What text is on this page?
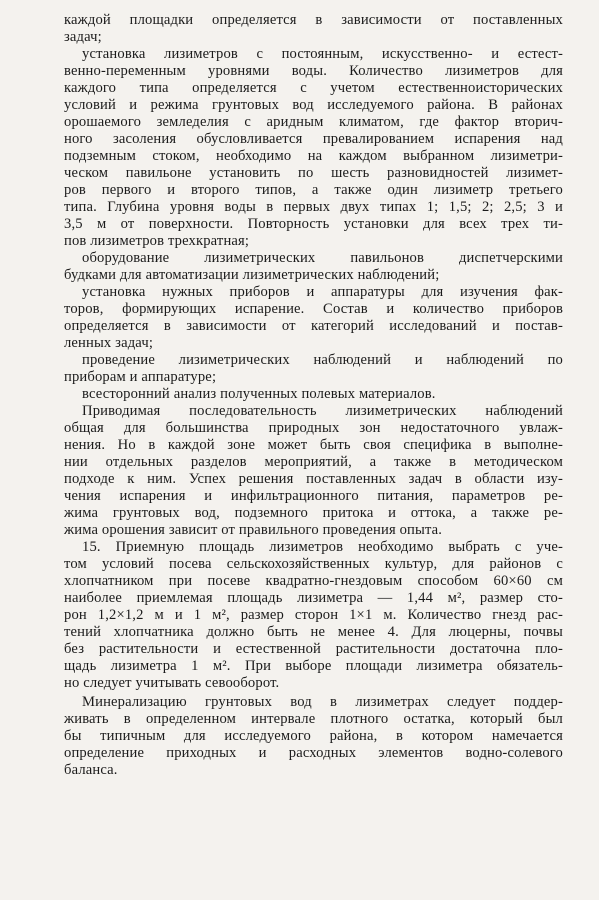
каждой площадки определяется в зависимости от поставленных
задач;
установка лизиметров с постоянным, искусственно- и естест-
венно-переменным уровнями воды. Количество лизиметров для
каждого типа определяется с учетом естественноисторических
условий и режима грунтовых вод исследуемого района. В районах
орошаемого земледелия с аридным климатом, где фактор вторич-
ного засоления обусловливается превалированием испарения над
подземным стоком, необходимо на каждом выбранном лизиметри-
ческом павильоне установить по шесть разновидностей лизимет-
ров первого и второго типов, а также один лизиметр третьего
типа. Глубина уровня воды в первых двух типах 1; 1,5; 2; 2,5; 3 и
3,5 м от поверхности. Повторность установки для всех трех ти-
пов лизиметров трехкратная;
оборудование лизиметрических павильонов диспетчерскими
будками для автоматизации лизиметрических наблюдений;
установка нужных приборов и аппаратуры для изучения фак-
торов, формирующих испарение. Состав и количество приборов
определяется в зависимости от категорий исследований и постав-
ленных задач;
проведение лизиметрических наблюдений и наблюдений по
приборам и аппаратуре;
всесторонний анализ полученных полевых материалов.
Приводимая последовательность лизиметрических наблюдений
общая для большинства природных зон недостаточного увлаж-
нения. Но в каждой зоне может быть своя специфика в выполне-
нии отдельных разделов мероприятий, а также в методическом
подходе к ним. Успех решения поставленных задач в области изу-
чения испарения и инфильтрационного питания, параметров ре-
жима грунтовых вод, подземного притока и оттока, а также ре-
жима орошения зависит от правильного проведения опыта.
15. Приемную площадь лизиметров необходимо выбрать с уче-
том условий посева сельскохозяйственных культур, для районов с
хлопчатником при посеве квадратно-гнездовым способом 60×60 см
наиболее приемлемая площадь лизиметра — 1,44 м², размер сто-
рон 1,2×1,2 м и 1 м², размер сторон 1×1 м. Количество гнезд рас-
тений хлопчатника должно быть не менее 4. Для люцерны, почвы
без растительности и естественной растительности достаточна пло-
щадь лизиметра 1 м². При выборе площади лизиметра обязатель-
но следует учитывать севооборот.
Минерализацию грунтовых вод в лизиметрах следует поддер-
живать в определенном интервале плотного остатка, который был
бы типичным для исследуемого района, в котором намечается
определение приходных и расходных элементов водно-солевого
баланса.
